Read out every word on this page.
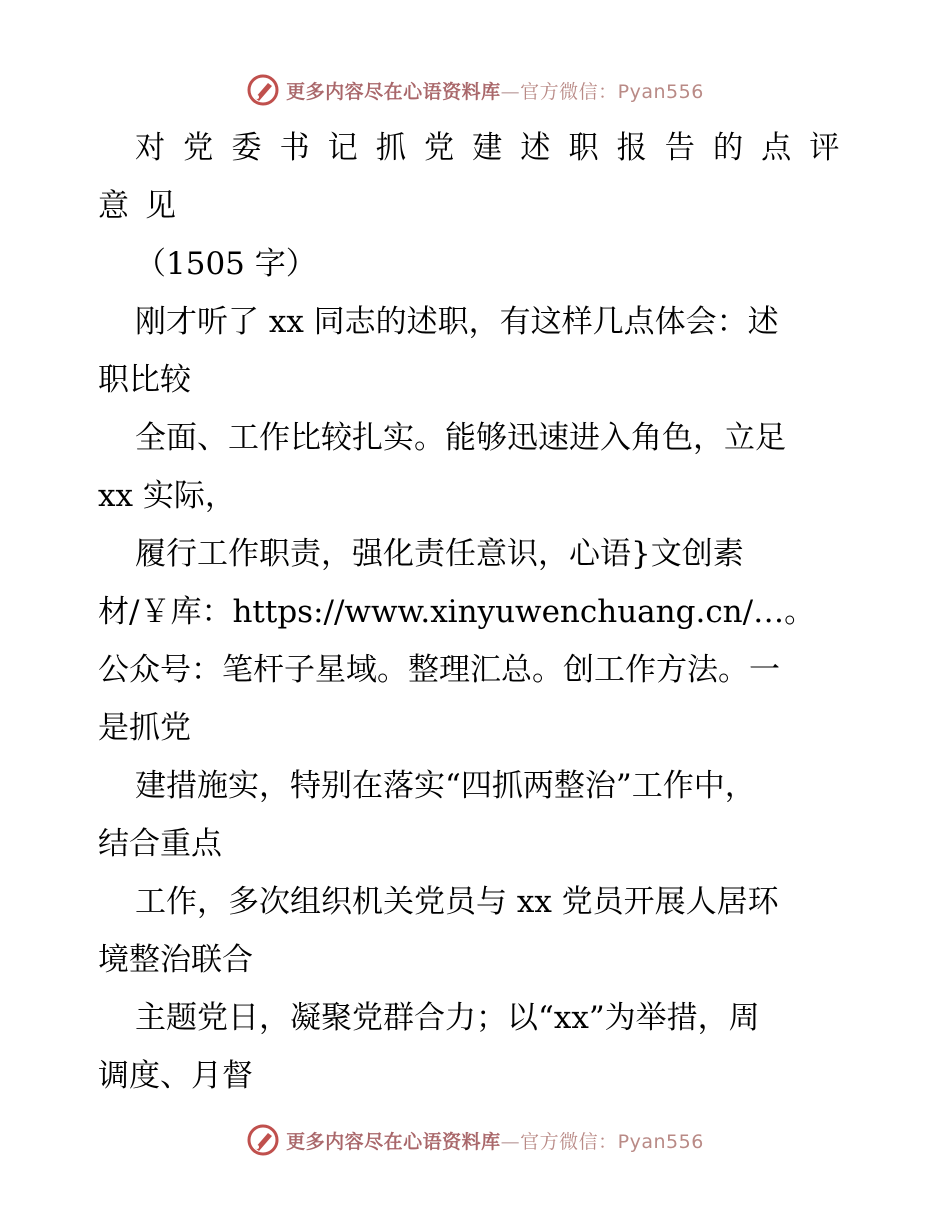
更多内容尽在心语资料库—官方微信：Pyan556
对党委书记抓党建述职报告的点评
意见
（1505 字）
刚才听了 xx 同志的述职，有这样几点体会：述
职比较
全面、工作比较扎实。能够迅速进入角色，立足
xx 实际，
履行工作职责，强化责任意识，心语}文创素
材/￥库：https://www.xinyuwenchuang.cn/…。
公众号：笔杆子星域。整理汇总。创工作方法。一
是抓党
建措施实，特别在落实“四抓两整治”工作中，
结合重点
工作，多次组织机关党员与 xx 党员开展人居环
境整治联合
主题党日，凝聚党群合力；以“xx”为举措，周
调度、月督
更多内容尽在心语资料库—官方微信：Pyan556
